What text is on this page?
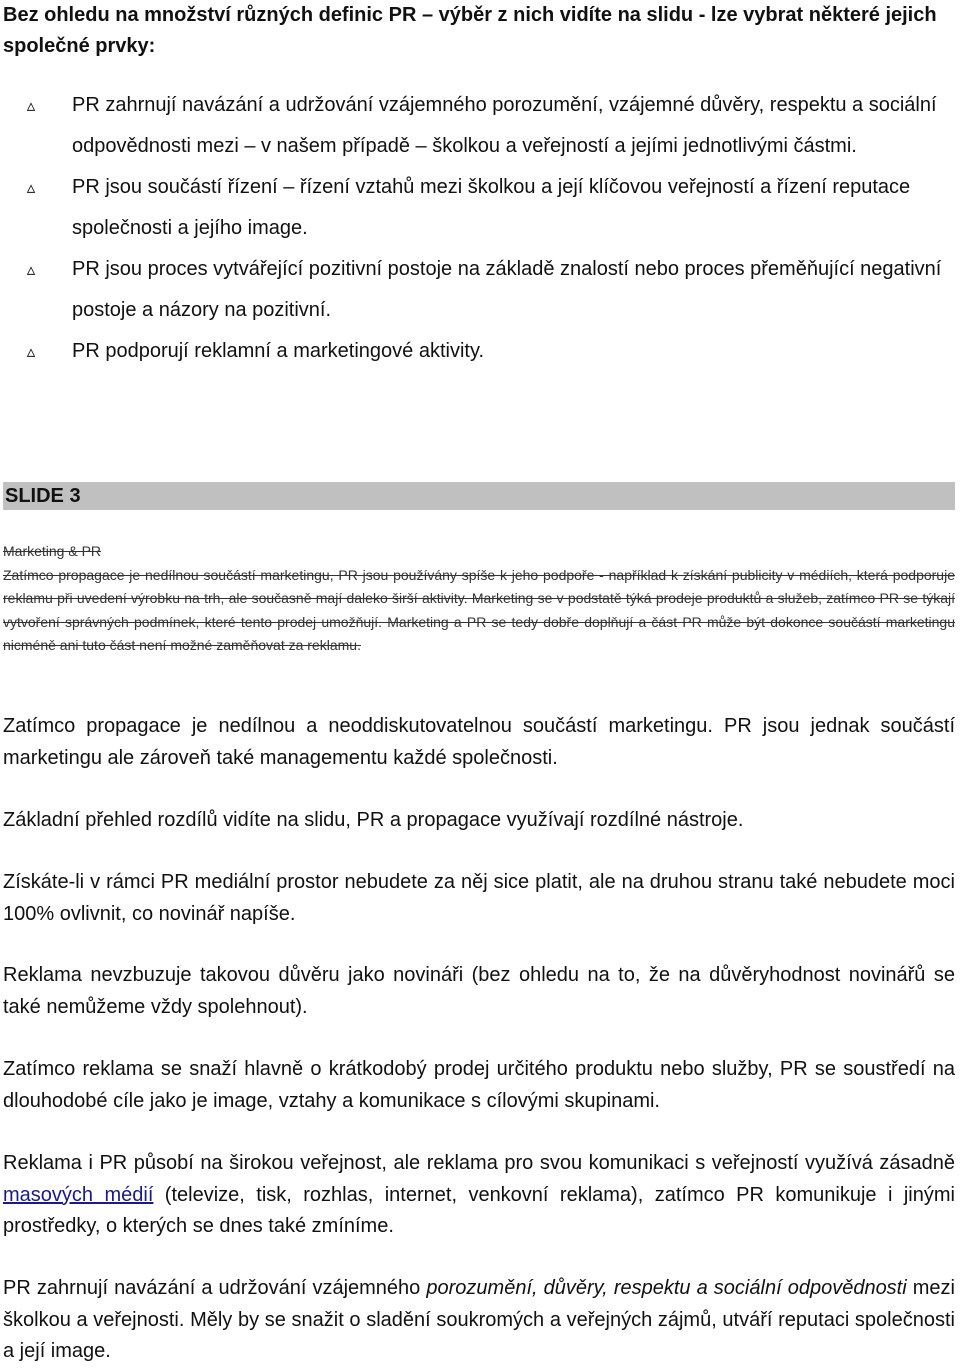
Bez ohledu na množství různých definic PR – výběr z nich vidíte na slidu - lze vybrat některé jejich společné prvky:

▵ PR zahrnují navázání a udržování vzájemného porozumění, vzájemné důvěry, respektu a sociální odpovědnosti mezi – v našem případě – školkou a veřejností a jejími jednotlivými částmi.
▵ PR jsou součástí řízení – řízení vztahů mezi školkou a její klíčovou veřejností a řízení reputace společnosti a jejího image.
▵ PR jsou proces vytvářející pozitivní postoje na základě znalostí nebo proces přeměňující negativní postoje a názory na pozitivní.
▵ PR podporují reklamní a marketingové aktivity.
SLIDE 3
Marketing & PR
Zatímco propagace je nedílnou součástí marketingu, PR jsou používány spíše k jeho podpoře - například k získání publicity v médiích, která podporuje reklamu při uvedení výrobku na trh, ale současně mají daleko širší aktivity. Marketing se v podstatě týká prodeje produktů a služeb, zatímco PR se týkají vytvoření správných podmínek, které tento prodej umožňují. Marketing a PR se tedy dobře doplňují a část PR může být dokonce součástí marketingu nicméně ani tuto část není možné zaměňovat za reklamu.

Zatímco propagace je nedílnou a neoddiskutovatelnou součástí marketingu. PR jsou jednak součástí marketingu ale zároveň také managementu každé společnosti.

Základní přehled rozdílů vidíte na slidu, PR a propagace využívají rozdílné nástroje.

Získáte-li v rámci PR mediální prostor nebudete za něj sice platit, ale na druhou stranu také nebudete moci 100% ovlivnit, co novinář napíše.

Reklama nevzbuzuje takovou důvěru jako novináři (bez ohledu na to, že na důvěryhodnost novinářů se také nemůžeme vždy spolehnout).

Zatímco reklama se snaží hlavně o krátkodobý prodej určitého produktu nebo služby, PR se soustředí na dlouhodobé cíle jako je image, vztahy a komunikace s cílovými skupinami.

Reklama i PR působí na širokou veřejnost, ale reklama pro svou komunikaci s veřejností využívá zásadně masových médií (televize, tisk, rozhlas, internet, venkovní reklama), zatímco PR komunikuje i jinými prostředky, o kterých se dnes také zmíníme.

PR zahrnují navázání a udržování vzájemného porozumění, důvěry, respektu a sociální odpovědnosti mezi školkou a veřejnosti. Měly by se snažit o sladění soukromých a veřejných zájmů, utváří reputaci společnosti a její image.
